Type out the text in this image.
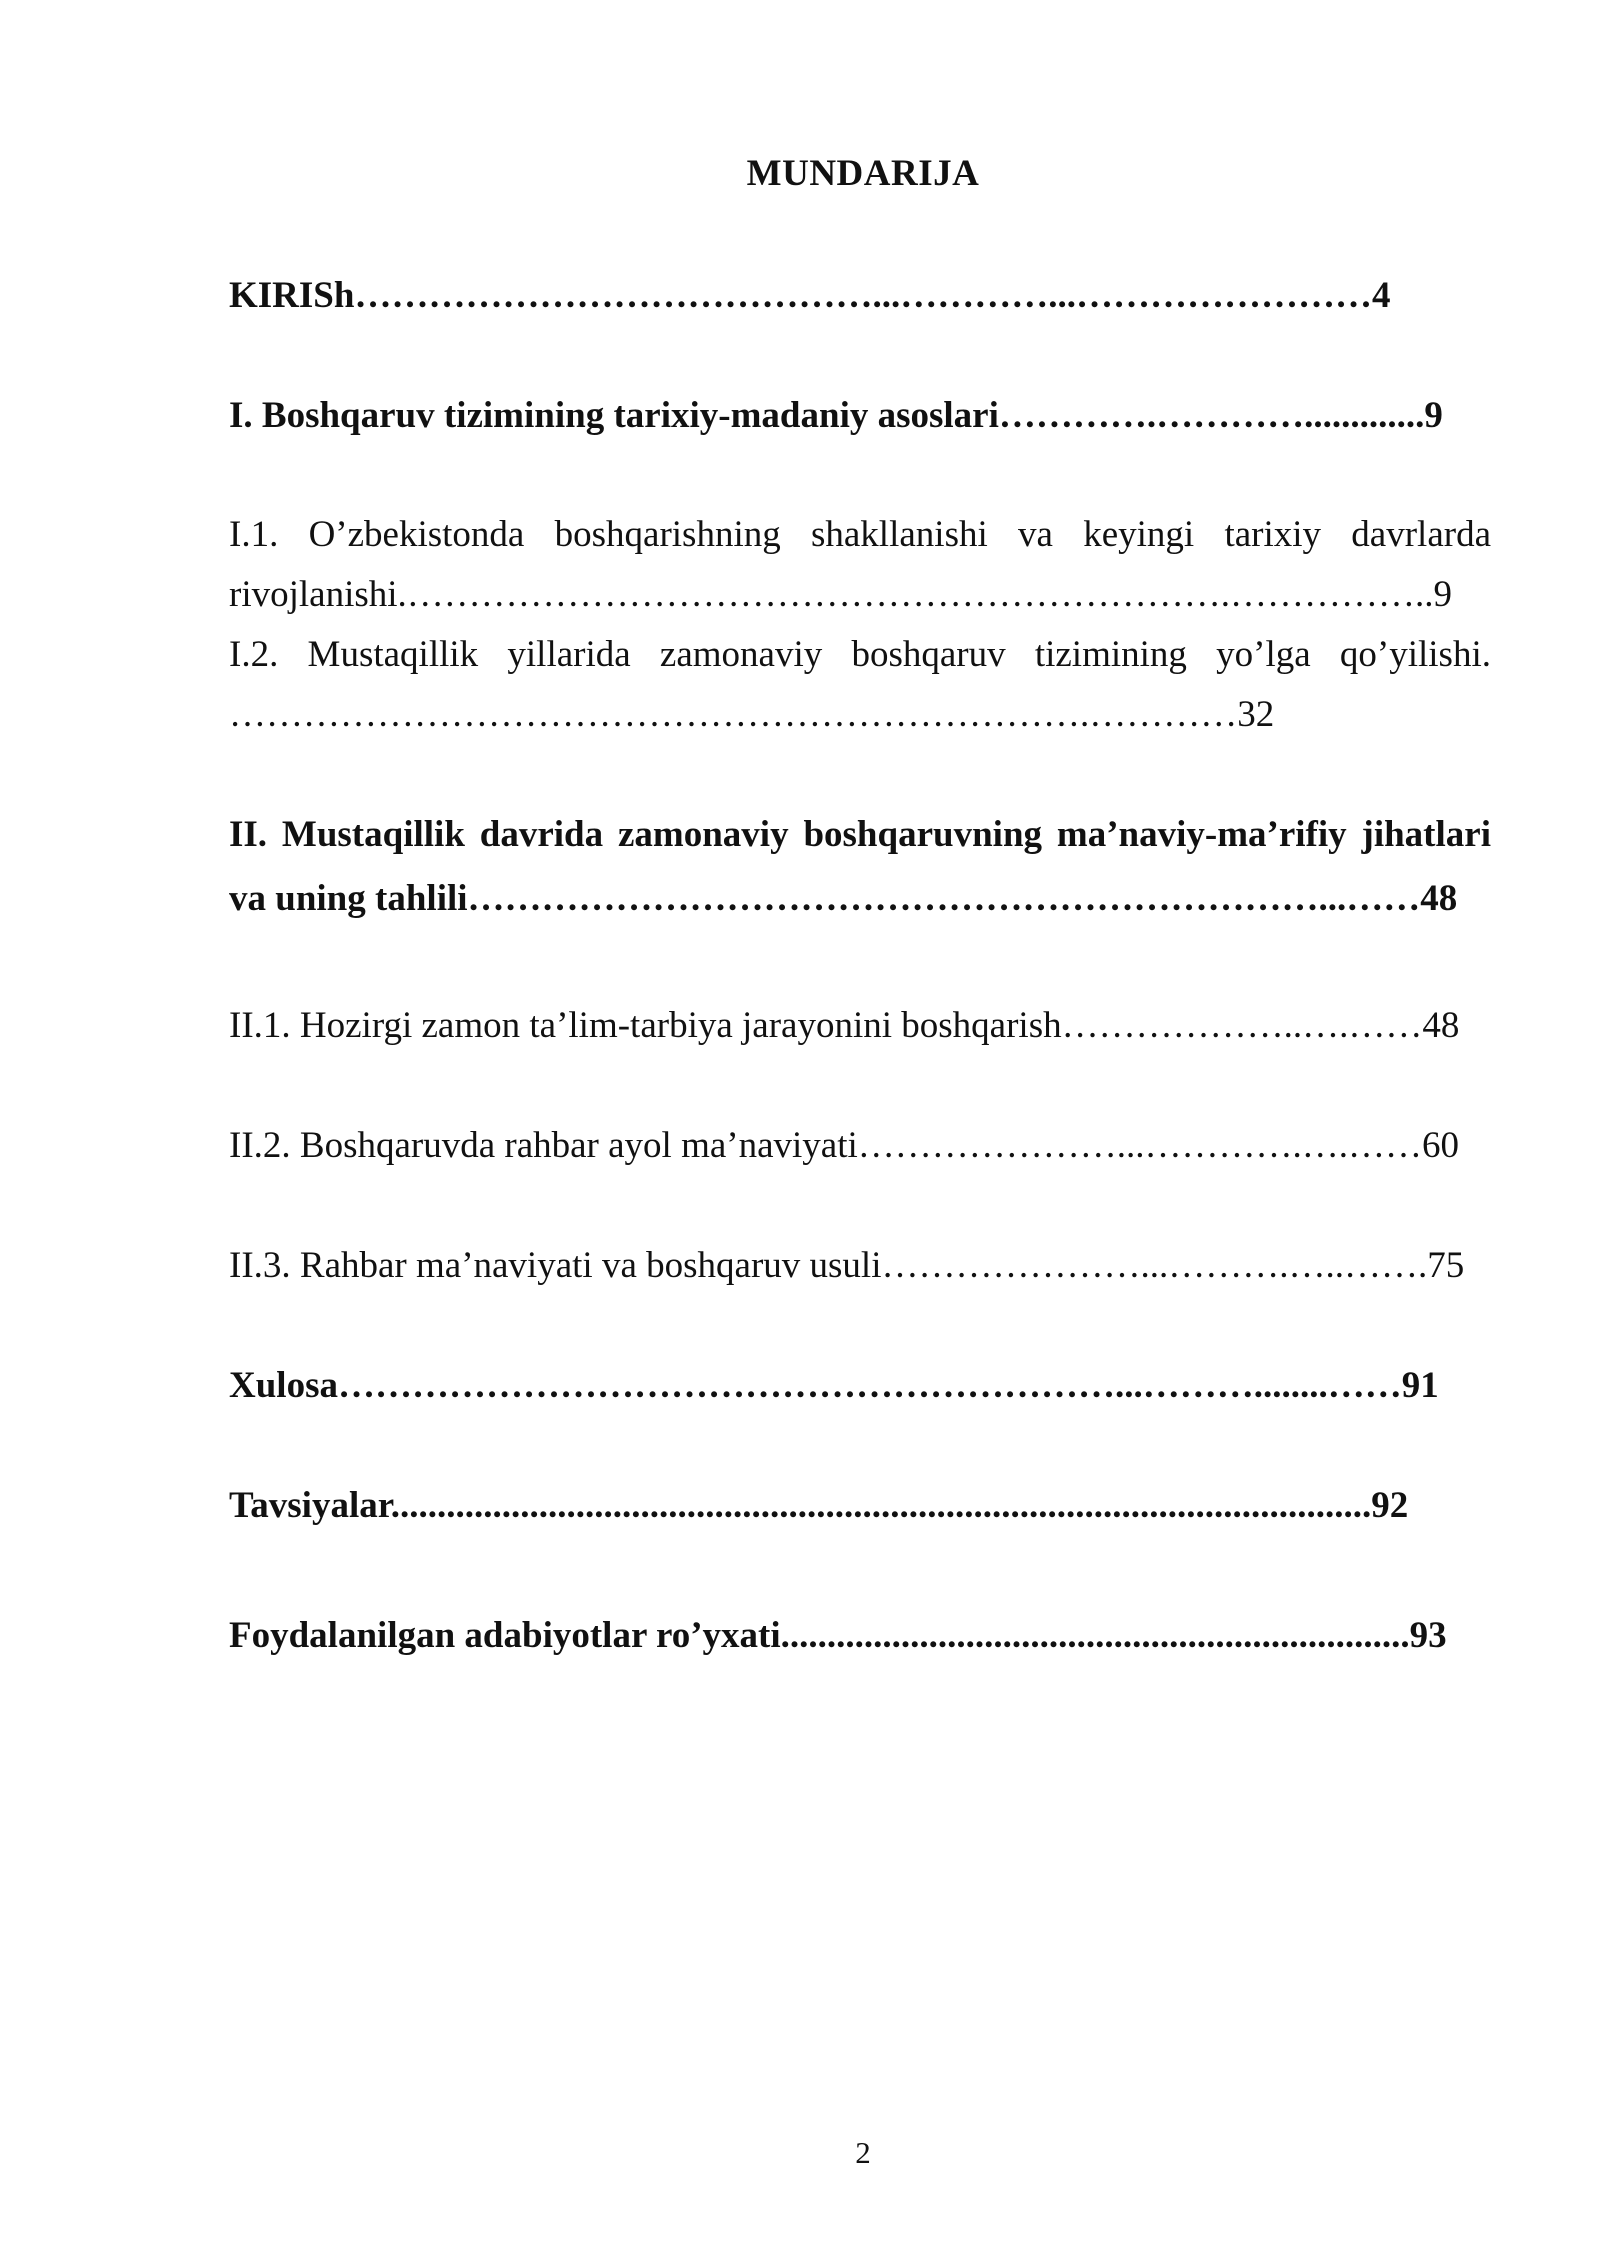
MUNDARIJA
KIRISh……………………………………...…………...……………………4
I. Boshqaruv tizimining tarixiy-madaniy asoslari………….………….............9
I.1. O’zbekistonda boshqarishning shakllanishi va keyingi tarixiy davrlarda
rivojlanishi.………………………………………………………….……………..9
I.2. Mustaqillik yillarida zamonaviy boshqaruv tizimining yo’lga qo’yilishi.
…………………………………………………………….…………32
II. Mustaqillik davrida zamonaviy boshqaruvning ma’naviy-ma’rifiy jihatlari
va uning tahlili……………………………………………………………...……48
II.1. Hozirgi zamon ta’lim-tarbiya jarayonini boshqarish………………..….……48
II.2. Boshqaruvda rahbar ayol ma’naviyati…………………...………….….……60
II.3. Rahbar ma’naviyati va boshqaruv usuli…………………...……….…..…….75
Xulosa………………………………………………………...………........……91
Tavsiyalar..........................................................................................................92
Foydalanilgan adabiyotlar ro’yxati....................................................................93
2
